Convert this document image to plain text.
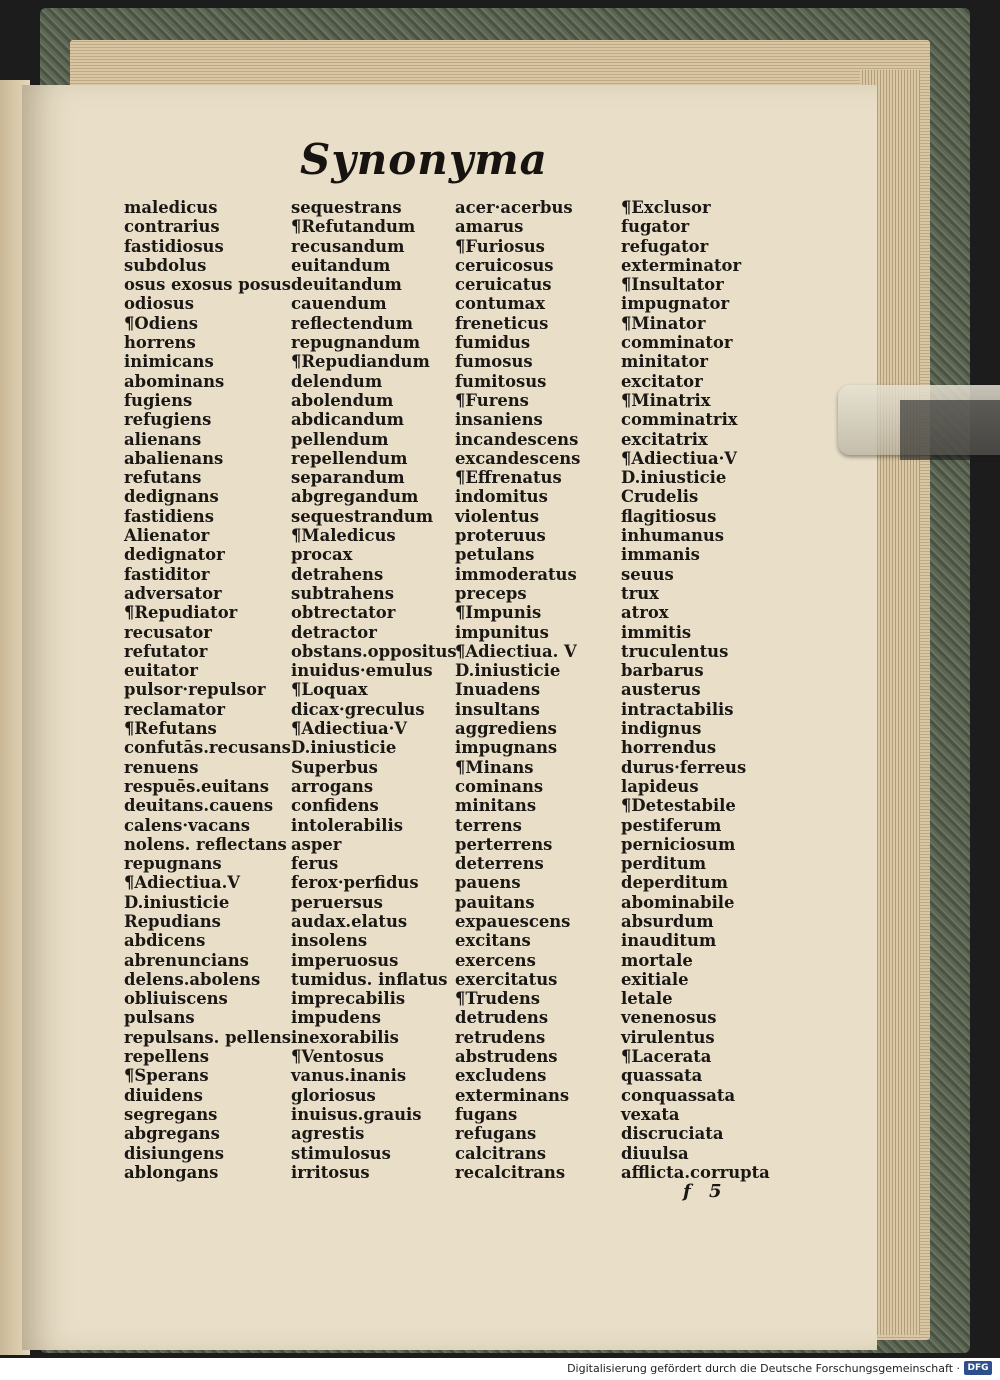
Synonyma
maledicus
contrarius
fastidiosus
subdolus
osus exosus posus
odiosus
¶Odiens
horrens
inimicans
abominans
fugiens
refugiens
alienans
abalienans
refutans
dedignans
fastidiens
Alienator
dedignator
fastiditor
adversator
¶Repudiator
recusator
refutator
euitator
pulsor·repulsor
reclamator
¶Refutans
confutās.recusans
renuens
respuēs.euitans
deuitans.cauens
calens·vacans
nolens. reflectans
repugnans
¶Adiectiua.V
D.iniusticie
Repudians
abdicens
abrenuncians
delens.abolens
obliuiscens
pulsans
repulsans. pellens
repellens
¶Sperans
diuidens
segregans
abgregans
disiungens
ablongans
sequestrans
¶Refutandum
recusandum
euitandum
deuitandum
cauendum
reflectendum
repugnandum
¶Repudiandum
delendum
abolendum
abdicandum
pellendum
repellendum
separandum
abgregandum
sequestrandum
¶Maledicus
procax
detrahens
subtrahens
obtrectator
detractor
obstans.oppositus
inuidus·emulus
¶Loquax
dicax·greculus
¶Adiectiua·V
D.iniusticie
Superbus
arrogans
confidens
intolerabilis
asper
ferus
ferox·perfidus
peruersus
audax.elatus
insolens
imperuosus
tumidus. inflatus
imprecabilis
impudens
inexorabilis
¶Ventosus
vanus.inanis
gloriosus
inuisus.grauis
agrestis
stimulosus
irritosus
acer·acerbus
amarus
¶Furiosus
ceruicosus
ceruicatus
contumax
freneticus
fumidus
fumosus
fumitosus
¶Furens
insaniens
incandescens
excandescens
¶Effrenatus
indomitus
violentus
proteruus
petulans
immoderatus
preceps
¶Impunis
impunitus
¶Adiectiua. V
D.iniusticie
Inuadens
insultans
aggrediens
impugnans
¶Minans
cominans
minitans
terrens
perterrens
deterrens
pauens
pauitans
expauescens
excitans
exercens
exercitatus
¶Trudens
detrudens
retrudens
abstrudens
excludens
exterminans
fugans
refugans
calcitrans
recalcitrans
¶Exclusor
fugator
refugator
exterminator
¶Insultator
impugnator
¶Minator
comminator
minitator
excitator
¶Minatrix
comminatrix
excitatrix
¶Adiectiua·V
D.iniusticie
Crudelis
flagitiosus
inhumanus
immanis
seuus
trux
atrox
immitis
truculentus
barbarus
austerus
intractabilis
indignus
horrendus
durus·ferreus
lapideus
¶Detestabile
pestiferum
perniciosum
perditum
deperditum
abominabile
absurdum
inauditum
mortale
exitiale
letale
venenosus
virulentus
¶Lacerata
quassata
conquassata
vexata
discruciata
diuulsa
afflicta.corrupta
f 5
Digitalisierung gefördert durch die Deutsche Forschungsgemeinschaft · DFG
